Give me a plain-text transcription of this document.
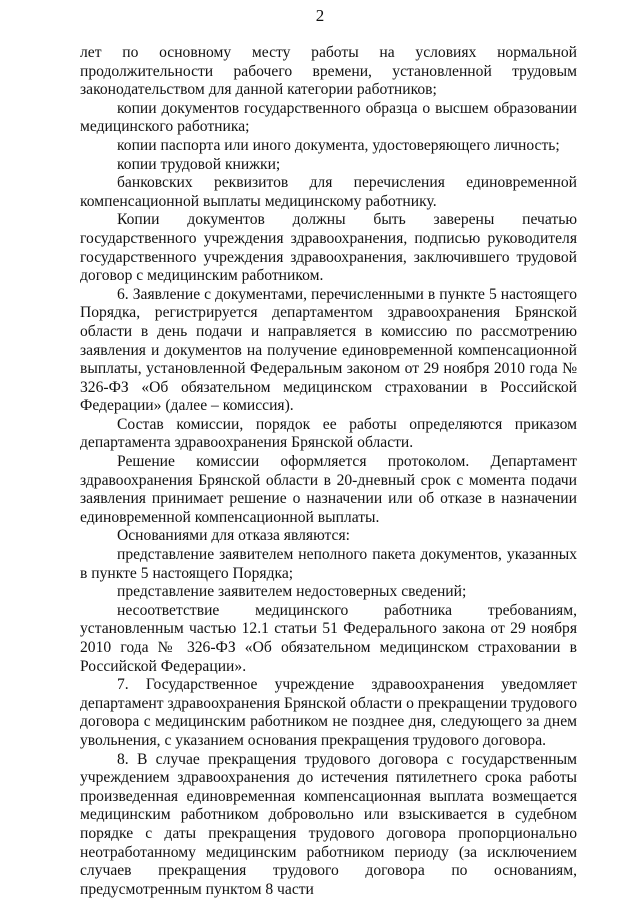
2

лет по основному месту работы на условиях нормальной продолжительности рабочего времени, установленной трудовым законодательством для данной категории работников;

копии документов государственного образца о высшем образовании медицинского работника;

копии паспорта или иного документа, удостоверяющего личность;

копии трудовой книжки;

банковских реквизитов для перечисления единовременной компенсационной выплаты медицинскому работнику.

Копии документов должны быть заверены печатью государственного учреждения здравоохранения, подписью руководителя государственного учреждения здравоохранения, заключившего трудовой договор с медицинским работником.

6. Заявление с документами, перечисленными в пункте 5 настоящего Порядка, регистрируется департаментом здравоохранения Брянской области в день подачи и направляется в комиссию по рассмотрению заявления и документов на получение единовременной компенсационной выплаты, установленной Федеральным законом от 29 ноября 2010 года № 326-ФЗ «Об обязательном медицинском страховании в Российской Федерации» (далее – комиссия).

Состав комиссии, порядок ее работы определяются приказом департамента здравоохранения Брянской области.

Решение комиссии оформляется протоколом. Департамент здравоохранения Брянской области в 20-дневный срок с момента подачи заявления принимает решение о назначении или об отказе в назначении единовременной компенсационной выплаты.

Основаниями для отказа являются:

представление заявителем неполного пакета документов, указанных в пункте 5 настоящего Порядка;

представление заявителем недостоверных сведений;

несоответствие медицинского работника требованиям, установленным частью 12.1 статьи 51 Федерального закона от 29 ноября 2010 года № 326-ФЗ «Об обязательном медицинском страховании в Российской Федерации».

7. Государственное учреждение здравоохранения уведомляет департамент здравоохранения Брянской области о прекращении трудового договора с медицинским работником не позднее дня, следующего за днем увольнения, с указанием основания прекращения трудового договора.

8. В случае прекращения трудового договора с государственным учреждением здравоохранения до истечения пятилетнего срока работы произведенная единовременная компенсационная выплата возмещается медицинским работником добровольно или взыскивается в судебном порядке с даты прекращения трудового договора пропорционально неотработанному медицинским работником периоду (за исключением случаев прекращения трудового договора по основаниям, предусмотренным пунктом 8 части
